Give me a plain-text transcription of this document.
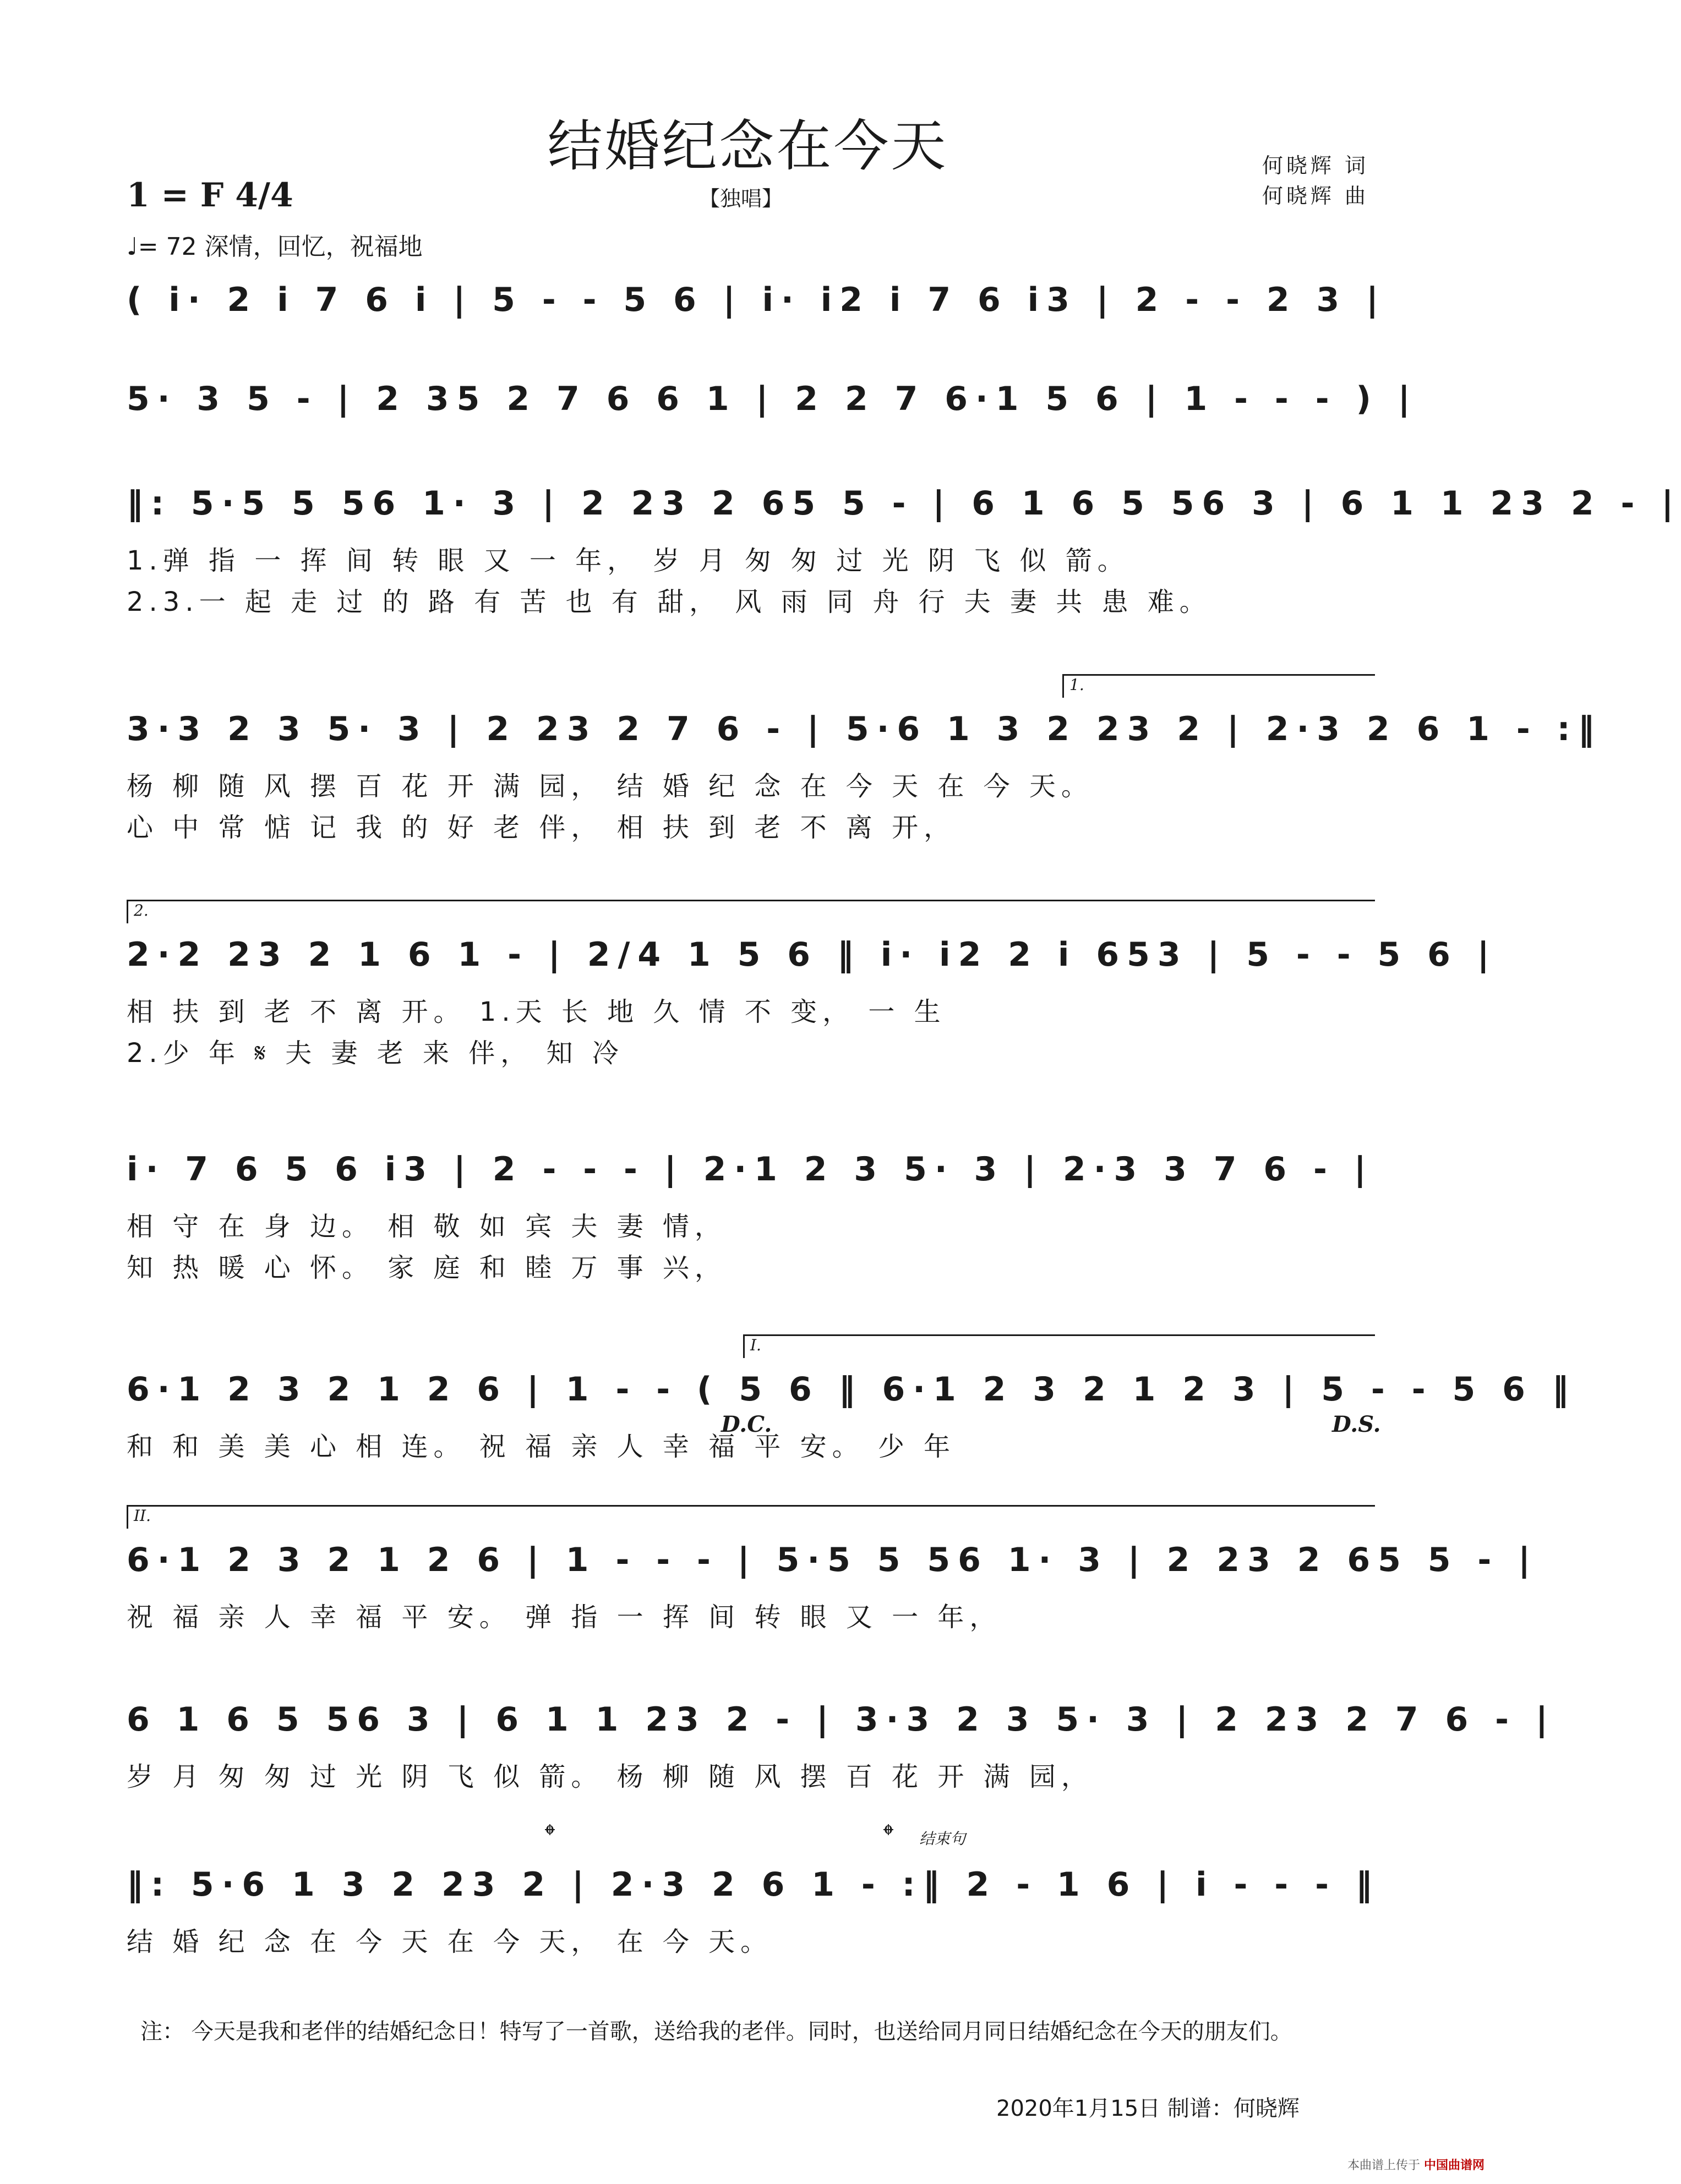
结婚纪念在今天	何晓辉 词
何晓辉 曲
【独唱】
1 = F 4/4
♩= 72 深情，回忆，祝福地
( i· 2 i 7 6 i | 5 - - 5 6 | i· i2 i 7 6 i3 | 2 - - 2 3 |
5· 3 5 - | 2 35 2 7 6 6 1 | 2 2 7 6·1 5 6 | 1 - - - ) |
‖: 5·5 5 56 1· 3 | 2 23 2 65 5 - | 6 1 6 5 56 3 | 6 1 1 23 2 - |
1.弹 指 一 挥 间 转 眼 又 一 年， 岁 月 匆 匆 过 光 阴 飞 似 箭。
2.3.一 起 走 过 的 路 有 苦 也 有 甜， 风 雨 同 舟 行 夫 妻 共 患 难。
1.
3·3 2 3 5· 3 | 2 23 2 7 6 - | 5·6 1 3 2 23 2 | 2·3 2 6 1 - :‖
杨 柳 随 风 摆 百 花 开 满 园， 结 婚 纪 念 在 今 天 在 今 天。
心 中 常 惦 记 我 的 好 老 伴， 相 扶 到 老 不 离 开，
2.
2·2 23 2 1 6 1 - | 2/4 1 5 6 ‖ i· i2 2 i 653 | 5 - - 5 6 |
相 扶 到 老 不 离 开。 1.天 长 地 久 情 不 变， 一 生
2.少 年 𝄋 夫 妻 老 来 伴， 知 冷
i· 7 6 5 6 i3 | 2 - - - | 2·1 2 3 5· 3 | 2·3 3 7 6 - |
相 守 在 身 边。 相 敬 如 宾 夫 妻 情，
知 热 暖 心 怀。 家 庭 和 睦 万 事 兴，
I.
6·1 2 3 2 1 2 6 | 1 - - ( 5 6 ‖ 6·1 2 3 2 1 2 3 | 5 - - 5 6 ‖
D.C.	D.S.
和 和 美 美 心 相 连。 祝 福 亲 人 幸 福 平 安。 少 年
II.
6·1 2 3 2 1 2 6 | 1 - - - | 5·5 5 56 1· 3 | 2 23 2 65 5 - |
祝 福 亲 人 幸 福 平 安。 弹 指 一 挥 间 转 眼 又 一 年，
6 1 6 5 56 3 | 6 1 1 23 2 - | 3·3 2 3 5· 3 | 2 23 2 7 6 - |
岁 月 匆 匆 过 光 阴 飞 似 箭。 杨 柳 随 风 摆 百 花 开 满 园，
𝄌	𝄌 结束句
‖: 5·6 1 3 2 23 2 | 2·3 2 6 1 - :‖ 2 - 1 6 | i - - - ‖
结 婚 纪 念 在 今 天 在 今 天， 在 今 天。
注： 今天是我和老伴的结婚纪念日！特写了一首歌，送给我的老伴。同时，也送给同月同日结婚纪念在今天的朋友们。
2020年1月15日 制谱：何晓辉
本曲谱上传于 中国曲谱网
